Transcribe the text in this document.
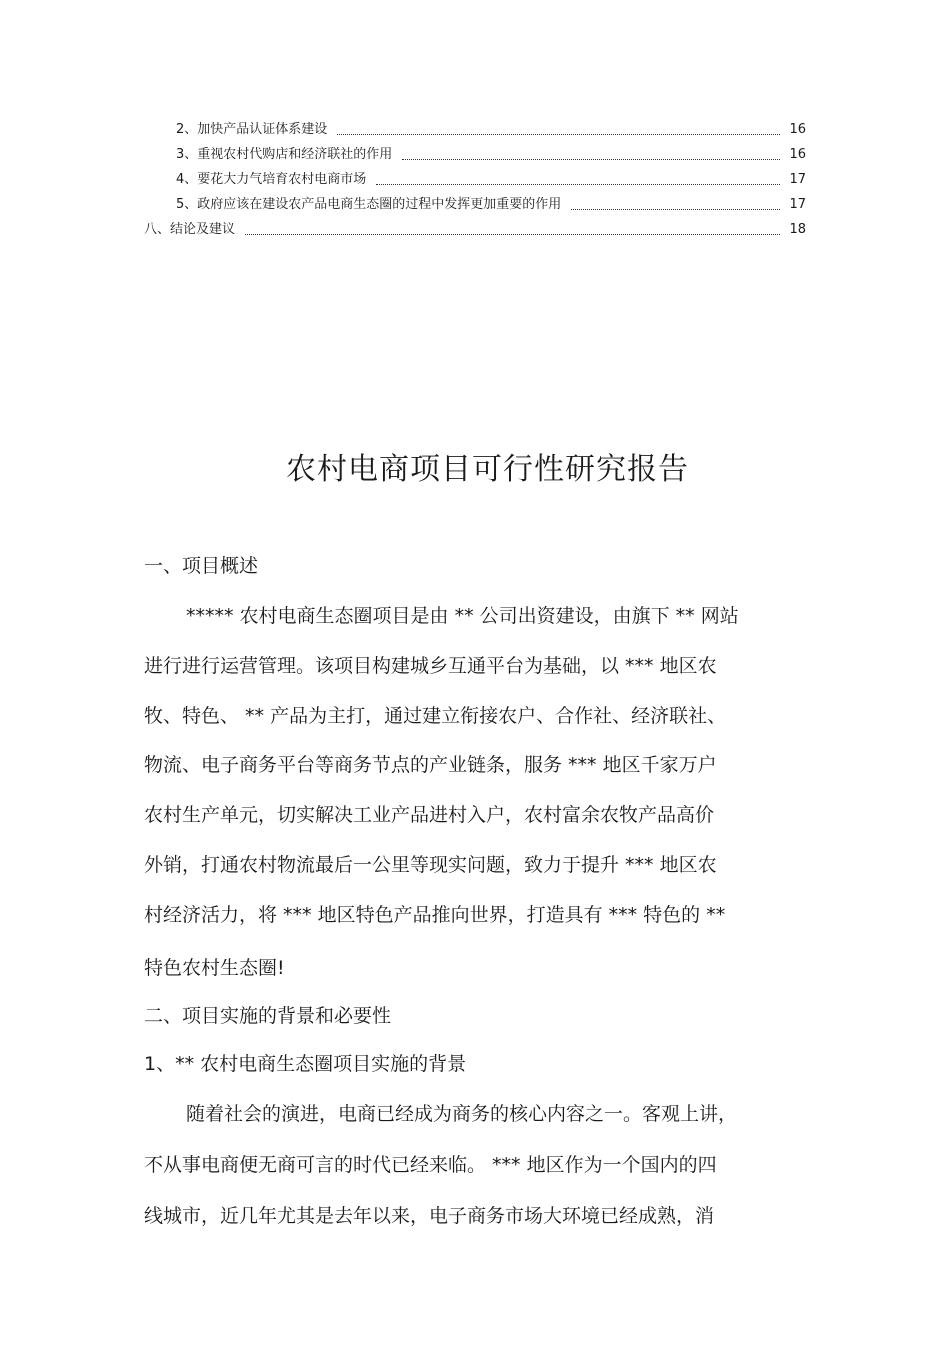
2、加快产品认证体系建设	16
3、重视农村代购店和经济联社的作用	16
4、要花大力气培育农村电商市场	17
5、政府应该在建设农产品电商生态圈的过程中发挥更加重要的作用	17
八、结论及建议	18
农村电商项目可行性研究报告
一、项目概述
***** 农村电商生态圈项目是由 ** 公司出资建设，由旗下 ** 网站
进行进行运营管理。该项目构建城乡互通平台为基础，以 *** 地区农
牧、特色、 ** 产品为主打，通过建立衔接农户、合作社、经济联社、
物流、电子商务平台等商务节点的产业链条，服务 *** 地区千家万户
农村生产单元，切实解决工业产品进村入户，农村富余农牧产品高价
外销，打通农村物流最后一公里等现实问题，致力于提升 *** 地区农
村经济活力，将 *** 地区特色产品推向世界，打造具有 *** 特色的 **
特色农村生态圈!
二、项目实施的背景和必要性
1、** 农村电商生态圈项目实施的背景
随着社会的演进，电商已经成为商务的核心内容之一。客观上讲，
不从事电商便无商可言的时代已经来临。 *** 地区作为一个国内的四
线城市，近几年尤其是去年以来，电子商务市场大环境已经成熟，消
